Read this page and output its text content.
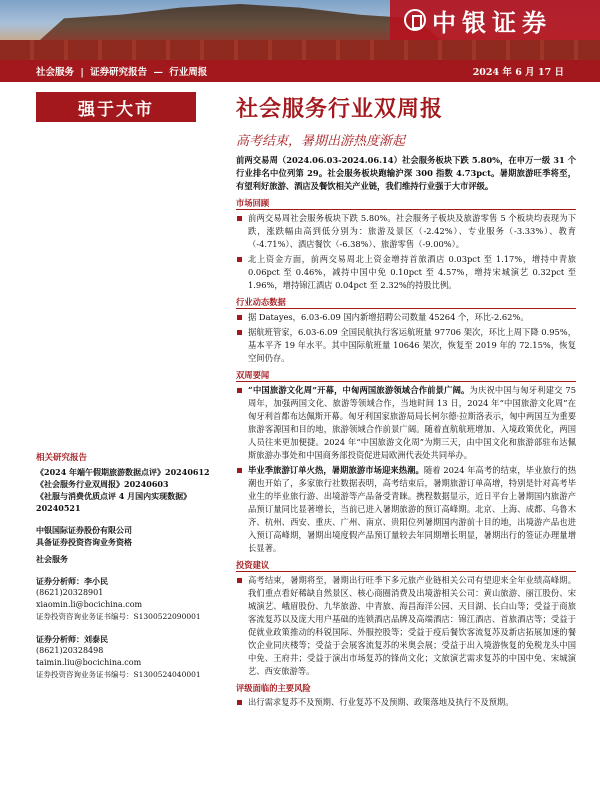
中银证券
社会服务 | 证券研究报告 — 行业周报	2024 年 6 月 17 日
强于大市	社会服务行业双周报
高考结束，暑期出游热度渐起
相关研究报告
《2024 年端午假期旅游数据点评》20240612
《社会服务行业双周报》20240603
《社服与消费优质点评 4 月国内实现数据》20240521
中银国际证券股份有限公司
具备证券投资咨询业务资格
社会服务
证券分析师：李小民
(8621)20328901
xiaomin.li@bocichina.com
证券投资咨询业务证书编号：S1300522090001
证券分析师：刘泰民
(8621)20328498
taimin.liu@bocichina.com
证券投资咨询业务证书编号：S1300524040001
前两交易周（2024.06.03-2024.06.14）社会服务板块下跌 5.80%，在申万一级 31 个行业排名中位列第 29。社会服务板块跑输沪深 300 指数 4.73pct。暑期旅游旺季将至，有望利好旅游、酒店及餐饮相关产业链，我们维持行业强于大市评级。
市场回顾
前两交易周社会服务板块下跌 5.80%。社会服务子板块及旅游零售 5 个板块均表现为下跌，涨跌幅由高到低分别为：旅游及景区（-2.42%）、专业服务（-3.33%）、教育（-4.71%）、酒店餐饮（-6.38%）、旅游零售（-9.00%）。
北上资金方面，前两交易周北上资金增持首旅酒店 0.03pct 至 1.17%，增持中青旅 0.06pct 至 0.46%，减持中国中免 0.10pct 至 4.57%，增持宋城演艺 0.32pct 至 1.96%，增持锦江酒店 0.04pct 至 2.32%的持股比例。
行业动态数据
据 Datayes，6.03-6.09 国内新增招聘公司数量 45264 个，环比-2.62%。
据航班管家，6.03-6.09 全国民航执行客运航班量 97706 架次，环比上周下降 0.95%，基本平齐 19 年水平。其中国际航班量 10646 架次，恢复至 2019 年的 72.15%，恢复空间仍存。
双周要闻
“中国旅游文化周”开幕，中匈两国旅游领域合作前景广阔。为庆祝中国与匈牙利建交 75 周年，加强两国文化、旅游等领域合作，当地时间 13 日，2024 年“中国旅游文化周”在匈牙利首都布达佩斯开幕。匈牙利国家旅游局局长柯尔德·拉斯洛表示，匈中两国互为重要旅游客源国和目的地，旅游领域合作前景广阔。随着直航航班增加、入境政策优化，两国人员往来更加便捷。2024 年“中国旅游文化周”为期三天，由中国文化和旅游部驻布达佩斯旅游办事处和中国商务部投资促进局欧洲代表处共同举办。
毕业季旅游订单火热，暑期旅游市场迎来热潮。随着 2024 年高考的结束，毕业旅行的热潮也开始了，多家旅行社数据表明，高考结束后，暑期旅游订单高增，特别是针对高考毕业生的毕业旅行游、出境游等产品备受青睐。携程数据显示，近日平台上暑期国内旅游产品预订量同比显著增长，当前已进入暑期旅游的预订高峰期。北京、上海、成都、乌鲁木齐、杭州、西安、重庆、广州、南京、贵阳位列暑期国内游前十目的地，出境游产品也进入预订高峰期，暑期出境度假产品预订量较去年同期增长明显，暑期出行的签证办理量增长显著。
投资建议
高考结束，暑期将至，暑期出行旺季下多元旅产业链相关公司有望迎来全年业绩高峰期。我们重点看好稀缺自然景区、核心商圈消费及出境游相关公司：黄山旅游、丽江股份、宋城演艺、峨眉股份、九华旅游、中青旅、海昌海洋公园、天目湖、长白山等；受益于商旅客流复苏以及庞大用户基础的连锁酒店品牌及高端酒店：锦江酒店、首旅酒店等；受益于促就业政策推动的科锐国际、外服控股等；受益于疫后餐饮客流复苏及新店拓展加速的餐饮企业同庆楼等；受益于会展客流复苏的米奥会展；受益于出入境游恢复的免税龙头中国中免、王府井；受益于演出市场复苏的锋尚文化；文旅演艺需求复苏的中国中免、宋城演艺、西安旅游等。
评级面临的主要风险
出行需求复苏不及预期、行业复苏不及预期、政策落地及执行不及预期。
